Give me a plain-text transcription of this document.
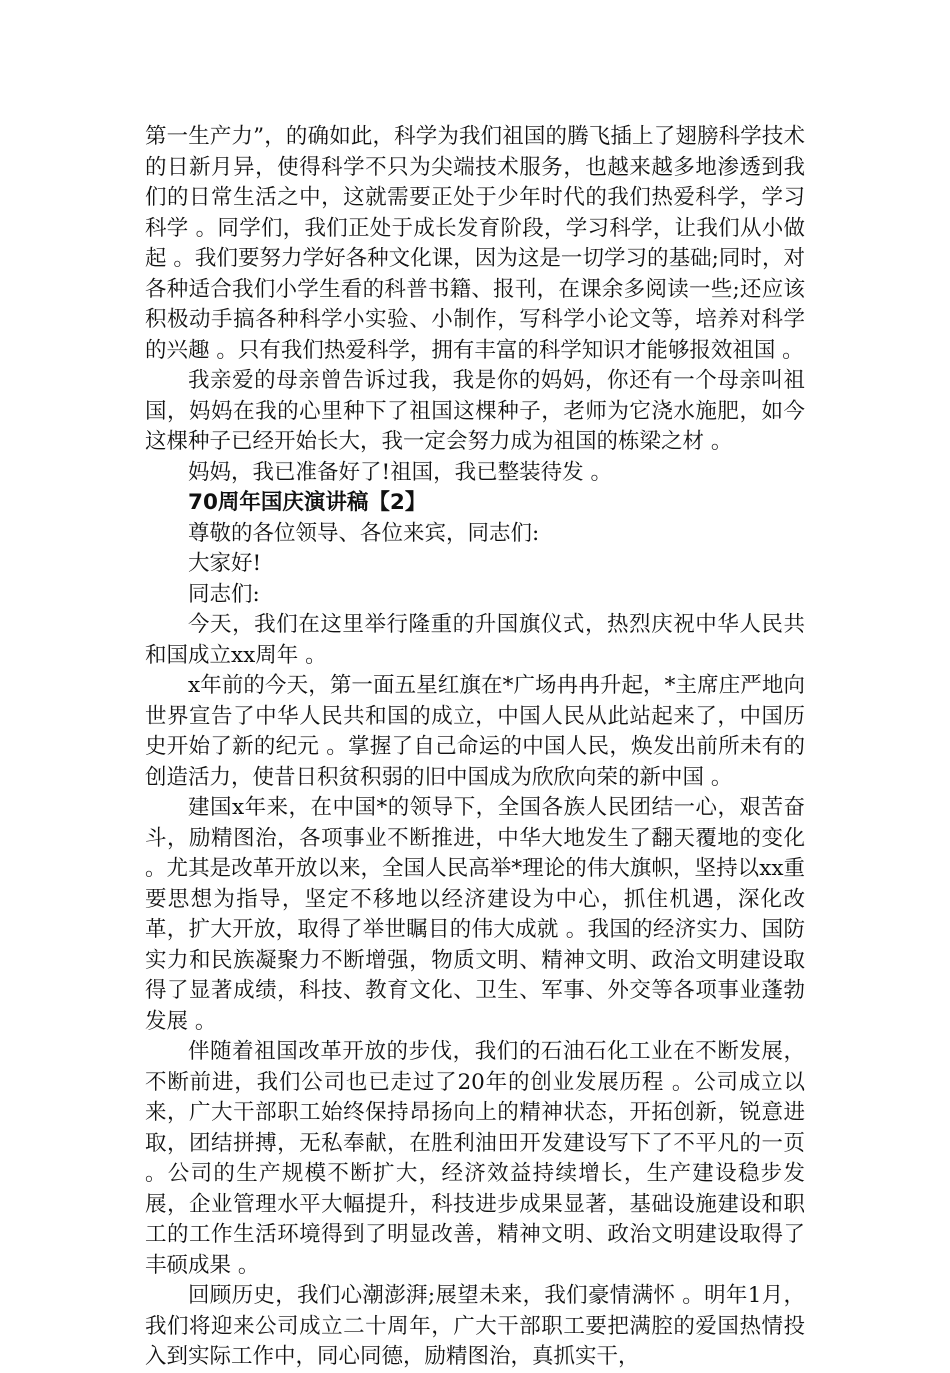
第一生产力”，的确如此，科学为我们祖国的腾飞插上了翅膀科学技术的日新月异，使得科学不只为尖端技术服务，也越来越多地渗透到我们的日常生活之中，这就需要正处于少年时代的我们热爱科学，学习科学 。同学们，我们正处于成长发育阶段，学习科学，让我们从小做起 。我们要努力学好各种文化课，因为这是一切学习的基础;同时，对各种适合我们小学生看的科普书籍、报刊，在课余多阅读一些;还应该积极动手搞各种科学小实验、小制作，写科学小论文等，培养对科学的兴趣 。只有我们热爱科学，拥有丰富的科学知识才能够报效祖国 。

我亲爱的母亲曾告诉过我，我是你的妈妈，你还有一个母亲叫祖国，妈妈在我的心里种下了祖国这棵种子，老师为它浇水施肥，如今这棵种子已经开始长大，我一定会努力成为祖国的栋梁之材 。

妈妈，我已准备好了!祖国，我已整装待发 。

70周年国庆演讲稿【2】

尊敬的各位领导、各位来宾，同志们:

大家好!

同志们:

今天，我们在这里举行隆重的升国旗仪式，热烈庆祝中华人民共和国成立xx周年 。

x年前的今天，第一面五星红旗在*广场冉冉升起，*主席庄严地向世界宣告了中华人民共和国的成立，中国人民从此站起来了，中国历史开始了新的纪元 。掌握了自己命运的中国人民，焕发出前所未有的创造活力，使昔日积贫积弱的旧中国成为欣欣向荣的新中国 。

建国x年来，在中国*的领导下，全国各族人民团结一心，艰苦奋斗，励精图治，各项事业不断推进，中华大地发生了翻天覆地的变化 。尤其是改革开放以来，全国人民高举*理论的伟大旗帜，坚持以xx重要思想为指导，坚定不移地以经济建设为中心，抓住机遇，深化改革，扩大开放，取得了举世瞩目的伟大成就 。我国的经济实力、国防实力和民族凝聚力不断增强，物质文明、精神文明、政治文明建设取得了显著成绩，科技、教育文化、卫生、军事、外交等各项事业蓬勃发展 。

伴随着祖国改革开放的步伐，我们的石油石化工业在不断发展，不断前进，我们公司也已走过了20年的创业发展历程 。公司成立以来，广大干部职工始终保持昂扬向上的精神状态，开拓创新，锐意进取，团结拼搏，无私奉献，在胜利油田开发建设写下了不平凡的一页 。公司的生产规模不断扩大，经济效益持续增长，生产建设稳步发展，企业管理水平大幅提升，科技进步成果显著，基础设施建设和职工的工作生活环境得到了明显改善，精神文明、政治文明建设取得了丰硕成果 。

回顾历史，我们心潮澎湃;展望未来，我们豪情满怀 。明年1月，我们将迎来公司成立二十周年，广大干部职工要把满腔的爱国热情投入到实际工作中，同心同德，励精图治，真抓实干，
